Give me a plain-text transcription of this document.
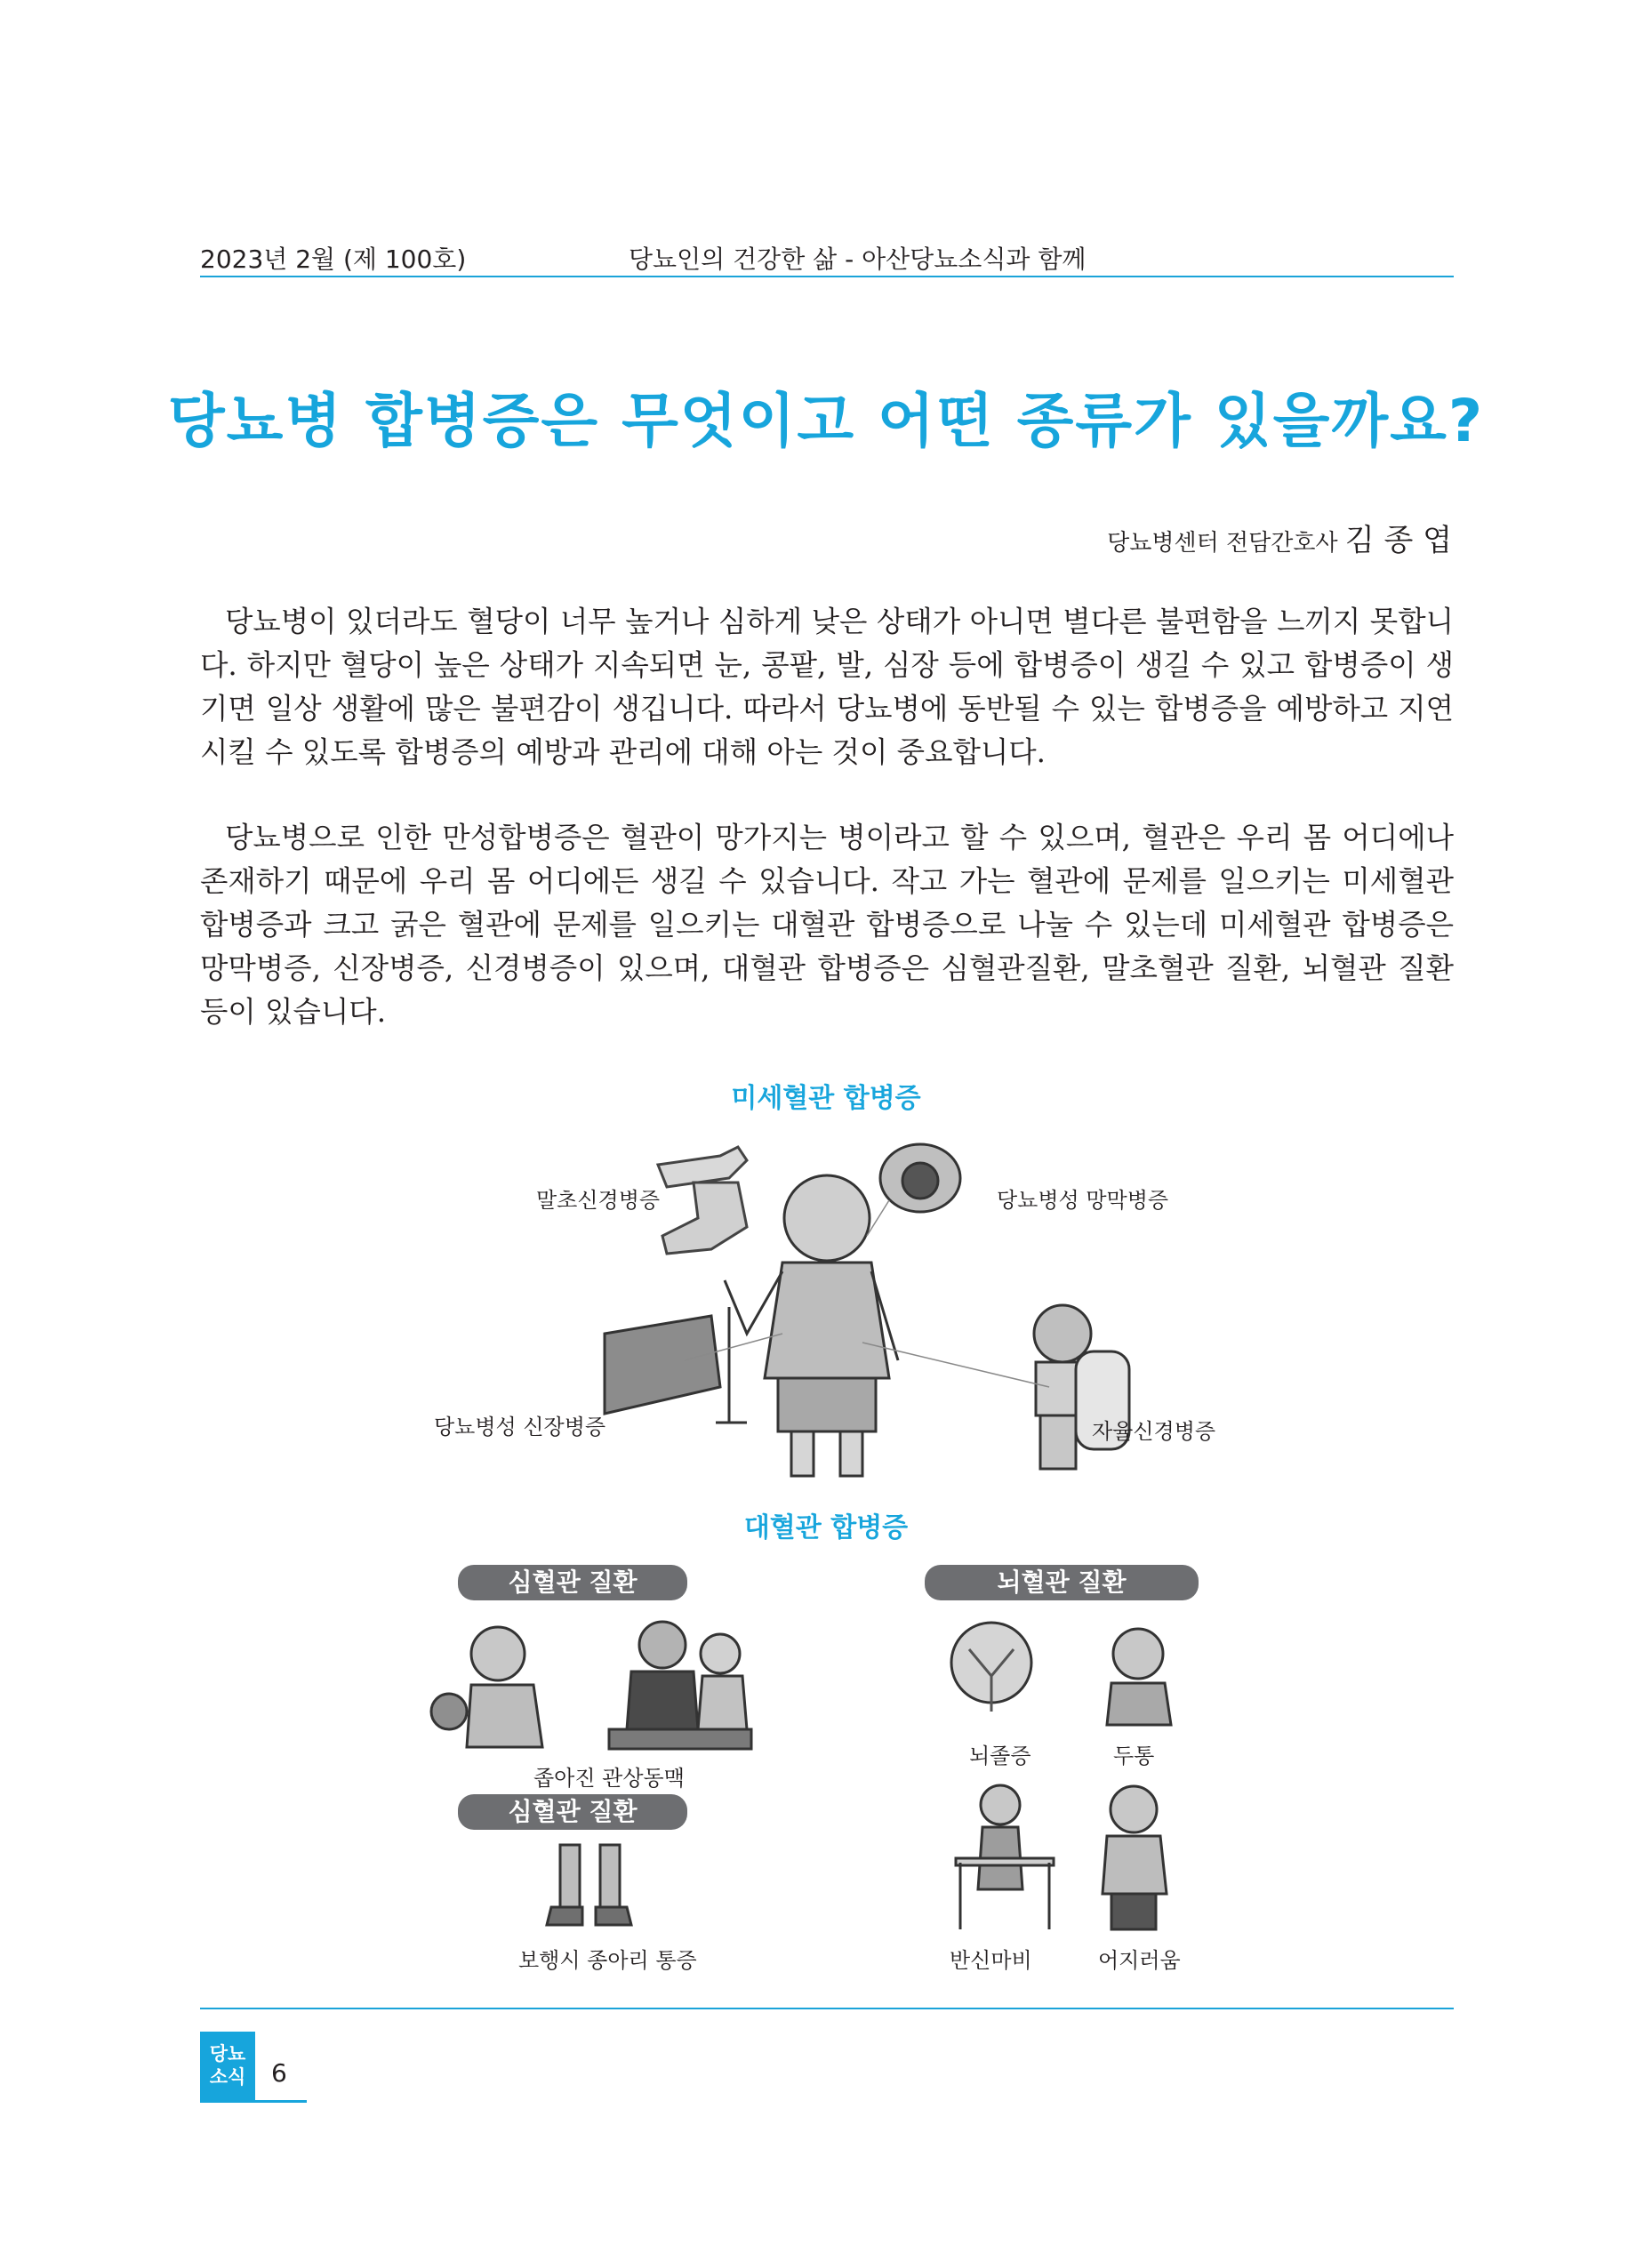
2023년 2월 (제 100호)	당뇨인의 건강한 삶 - 아산당뇨소식과 함께
당뇨병 합병증은 무엇이고 어떤 종류가 있을까요?
당뇨병센터 전담간호사 김 종 엽

당뇨병이 있더라도 혈당이 너무 높거나 심하게 낮은 상태가 아니면 별다른 불편함을 느끼지 못합니다. 하지만 혈당이 높은 상태가 지속되면 눈, 콩팥, 발, 심장 등에 합병증이 생길 수 있고 합병증이 생기면 일상 생활에 많은 불편감이 생깁니다. 따라서 당뇨병에 동반될 수 있는 합병증을 예방하고 지연시킬 수 있도록 합병증의 예방과 관리에 대해 아는 것이 중요합니다.

당뇨병으로 인한 만성합병증은 혈관이 망가지는 병이라고 할 수 있으며, 혈관은 우리 몸 어디에나 존재하기 때문에 우리 몸 어디에든 생길 수 있습니다. 작고 가는 혈관에 문제를 일으키는 미세혈관 합병증과 크고 굵은 혈관에 문제를 일으키는 대혈관 합병증으로 나눌 수 있는데 미세혈관 합병증은 망막병증, 신장병증, 신경병증이 있으며, 대혈관 합병증은 심혈관질환, 말초혈관 질환, 뇌혈관 질환 등이 있습니다.

미세혈관 합병증
말초신경병증	당뇨병성 망막병증
당뇨병성 신장병증	자율신경병증
대혈관 합병증
심혈관 질환	뇌혈관 질환
심혈관 질환
좁아진 관상동맥
뇌졸증	두통
보행시 종아리 통증	반신마비	어지러움
당뇨 소식	6
